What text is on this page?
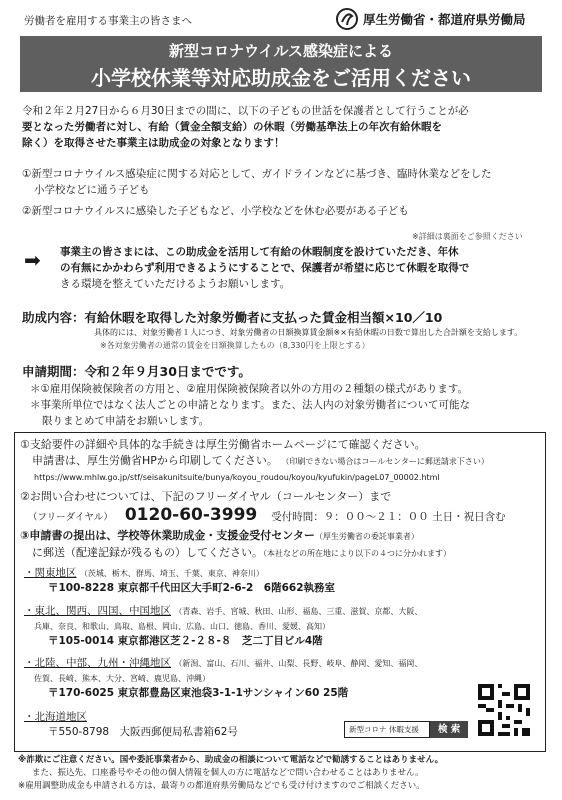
労働者を雇用する事業主の皆さまへ	厚生労働省・都道府県労働局
新型コロナウイルス感染症による
小学校休業等対応助成金をご活用ください
令和２年２月27日から６月30日までの間に、以下の子どもの世話を保護者として行うことが必
要となった労働者に対し、有給（賃金全額支給）の休暇（労働基準法上の年次有給休暇を
除く）を取得させた事業主は助成金の対象となります！
①新型コロナウイルス感染症に関する対応として、ガイドラインなどに基づき、臨時休業などをした
小学校などに通う子ども
②新型コロナウイルスに感染した子どもなど、小学校などを休む必要がある子ども
※詳細は裏面をご参照ください
➡ 事業主の皆さまには、この助成金を活用して有給の休暇制度を設けていただき、年休
の有無にかかわらず利用できるようにすることで、保護者が希望に応じて休暇を取得で
きる環境を整えていただけるようお願いします。
助成内容：有給休暇を取得した対象労働者に支払った賃金相当額×10／10
具体的には、対象労働者１人につき、対象労働者の日額換算賃金額※×有給休暇の日数で算出した合計額を支給します。
※各対象労働者の通常の賃金を日額換算したもの（8,330円を上限とする）
申請期間：令和２年９月30日までです。
＊①雇用保険被保険者の方用と、②雇用保険被保険者以外の方用の２種類の様式があります。
＊事業所単位ではなく法人ごとの申請となります。また、法人内の対象労働者について可能な
限りまとめて申請をお願いします。
①支給要件の詳細や具体的な手続きは厚生労働省ホームページにて確認ください。
申請書は、厚生労働省HPから印刷してください。 （印刷できない場合はコールセンターに郵送請求下さい）
https://www.mhlw.go.jp/stf/seisakunitsuite/bunya/koyou_roudou/koyou/kyufukin/pageL07_00002.html
②お問い合わせについては、下記のフリーダイヤル（コールセンター）まで
（フリーダイヤル） 0120-60-3999 受付時間：９：００～２１：００ 土日・祝日含む
③申請書の提出は、学校等休業助成金・支援金受付センター（厚生労働省の委託事業者）
に郵送（配達記録が残るもの）してください。（本社などの所在地により以下の４つに分かれます）
・関東地区 （茨城、栃木、群馬、埼玉、千葉、東京、神奈川）
〒100-8228 東京都千代田区大手町2-6-2　6階662執務室
・東北、関西、四国、中国地区 （青森、岩手、宮城、秋田、山形、福島、三重、滋賀、京都、大阪、
兵庫、奈良、和歌山、鳥取、島根、岡山、広島、山口、徳島、香川、愛媛、高知）
〒105-0014 東京都港区芝２-２８-８　芝二丁目ビル4階
・北陸、中部、九州・沖縄地区 （新潟、富山、石川、福井、山梨、長野、岐阜、静岡、愛知、福岡、
佐賀、長崎、熊本、大分、宮崎、鹿児島、沖縄）
〒170-6025 東京都豊島区東池袋3-1-1サンシャイン60 25階
・北海道地区
〒550-8798　大阪西郵便局私書箱62号	新型コロナ 休暇支援	検 索
※詐欺にご注意ください。国や委託事業者から、助成金の相談について電話などで勧誘することはありません。
また、振込先、口座番号やその他の個人情報を個人の方に電話などで問い合わせることはありません。
※雇用調整助成金も申請される方は、最寄りの都道府県労働局などでも受け付けますのでご相談ください。
